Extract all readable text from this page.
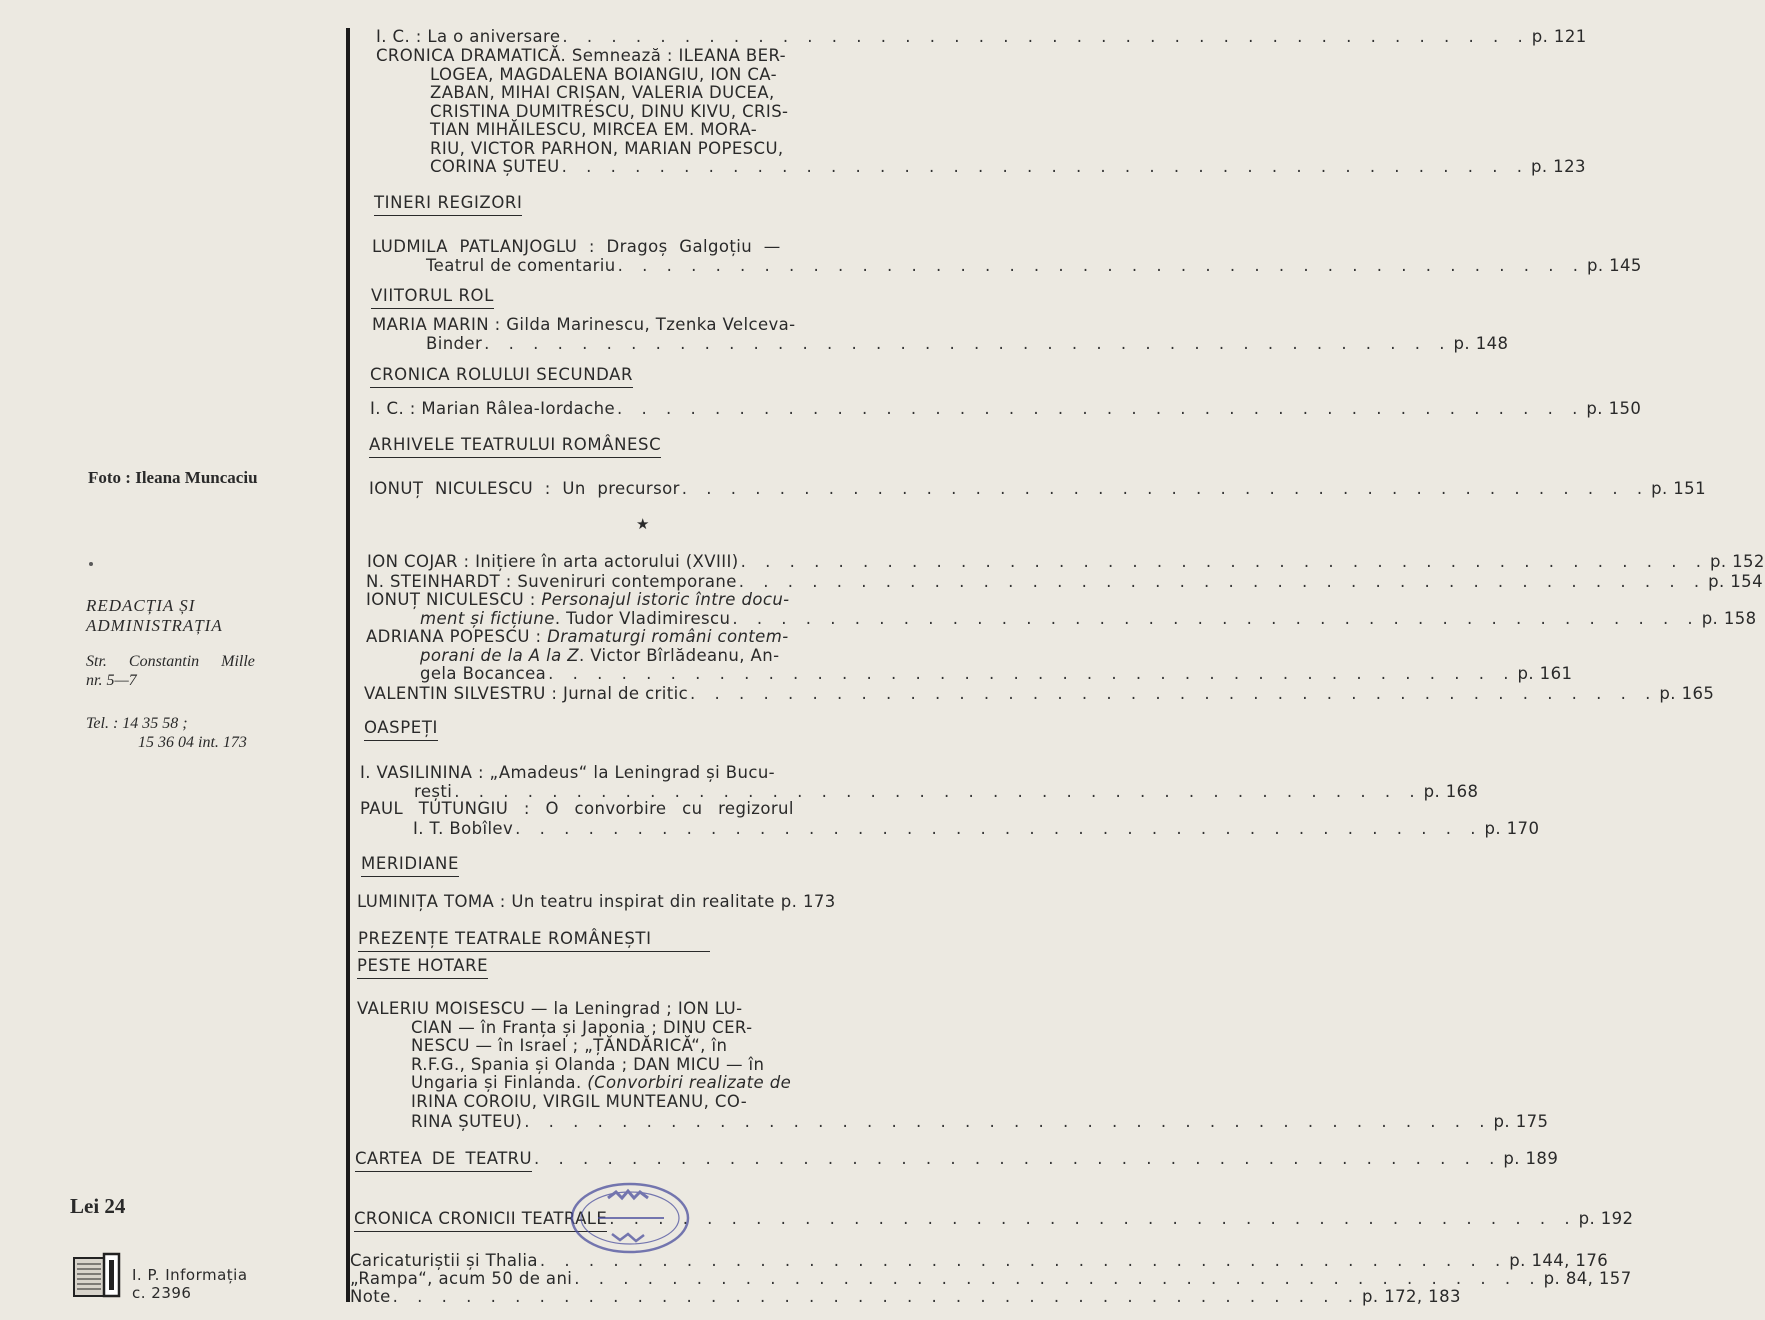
Foto : Ileana Muncaciu
REDACȚIA ȘI ADMINISTRAȚIA
Str. Constantin Mille
nr. 5—7
Tel. : 14 35 58 ;
15 36 04 int. 173
Lei 24
I. P. Informația
c. 2396
I. C. : La o aniversare . . . . . . . . . . . . . . . . . . . . . . . . . . . . . . . . . . . . . . . . p. 121
CRONICA DRAMATICĂ. Semnează : ILEANA BER-
LOGEA, MAGDALENA BOIANGIU, ION CA-
ZABAN, MIHAI CRIȘAN, VALERIA DUCEA,
CRISTINA DUMITRESCU, DINU KIVU, CRIS-
TIAN MIHĂILESCU, MIRCEA EM. MORA-
RIU, VICTOR PARHON, MARIAN POPESCU,
CORINA ȘUTEU . . . . . . . . . . . . . . . . . . . . . . . . . . . . . . . . . . . . . . . . p. 123
TINERI REGIZORI
LUDMILA PATLANJOGLU : Dragoș Galgoțiu —
Teatrul de comentariu . . . . . . . . . . . . . . . . . . . . . . . . . . . . . . . . . . . . . . . . p. 145
VIITORUL ROL
MARIA MARIN : Gilda Marinescu, Tzenka Velceva-
Binder . . . . . . . . . . . . . . . . . . . . . . . . . . . . . . . . . . . . . . . . p. 148
CRONICA ROLULUI SECUNDAR
I. C. : Marian Râlea-Iordache . . . . . . . . . . . . . . . . . . . . . . . . . . . . . . . . . . . . . . . . p. 150
ARHIVELE TEATRULUI ROMÂNESC
IONUȚ NICULESCU : Un precursor . . . . . . . . . . . . . . . . . . . . . . . . . . . . . . . . . . . . . . . . p. 151
★
ION COJAR : Inițiere în arta actorului (XVIII) . . . . . . . . . . . . . . . . . . . . . . . . . . . . . . . . . . . . . . . . p. 152
N. STEINHARDT : Suveniruri contemporane . . . . . . . . . . . . . . . . . . . . . . . . . . . . . . . . . . . . . . . . p. 154
IONUȚ NICULESCU : Personajul istoric între docu-
ment și ficțiune. Tudor Vladimirescu . . . . . . . . . . . . . . . . . . . . . . . . . . . . . . . . . . . . . . . . p. 158
ADRIANA POPESCU : Dramaturgi români contem-
porani de la A la Z. Victor Bîrlădeanu, An-
gela Bocancea . . . . . . . . . . . . . . . . . . . . . . . . . . . . . . . . . . . . . . . . p. 161
VALENTIN SILVESTRU : Jurnal de critic . . . . . . . . . . . . . . . . . . . . . . . . . . . . . . . . . . . . . . . . p. 165
OASPEȚI
I. VASILININA : „Amadeus“ la Leningrad și Bucu-
rești . . . . . . . . . . . . . . . . . . . . . . . . . . . . . . . . . . . . . . . . p. 168
PAUL TUTUNGIU : O convorbire cu regizorul
I. T. Bobîlev . . . . . . . . . . . . . . . . . . . . . . . . . . . . . . . . . . . . . . . . p. 170
MERIDIANE
LUMINIȚA TOMA : Un teatru inspirat din realitate p. 173
PREZENȚE TEATRALE ROMÂNEȘTI
PESTE HOTARE
VALERIU MOISESCU — la Leningrad ; ION LU-
CIAN — în Franța și Japonia ; DINU CER-
NESCU — în Israel ; „ȚĂNDĂRICĂ“, în
R.F.G., Spania și Olanda ; DAN MICU — în
Ungaria și Finlanda. (Convorbiri realizate de
IRINA COROIU, VIRGIL MUNTEANU, CO-
RINA ȘUTEU) . . . . . . . . . . . . . . . . . . . . . . . . . . . . . . . . . . . . . . . . p. 175
CARTEA DE TEATRU . . . . . . . . . . . . . . . . . . . . . . . . . . . . . . . . . . . . . . . . p. 189
CRONICA CRONICII TEATRALE . . . . . . . . . . . . . . . . . . . . . . . . . . . . . . . . . . . . . . . . p. 192
Caricaturiștii și Thalia . . . . . . . . . . . . . . . . . . . . . . . . . . . . . . . . . . . . . . . . p. 144, 176
„Rampa“, acum 50 de ani . . . . . . . . . . . . . . . . . . . . . . . . . . . . . . . . . . . . . . . . p. 84, 157
Note . . . . . . . . . . . . . . . . . . . . . . . . . . . . . . . . . . . . . . . . p. 172, 183
